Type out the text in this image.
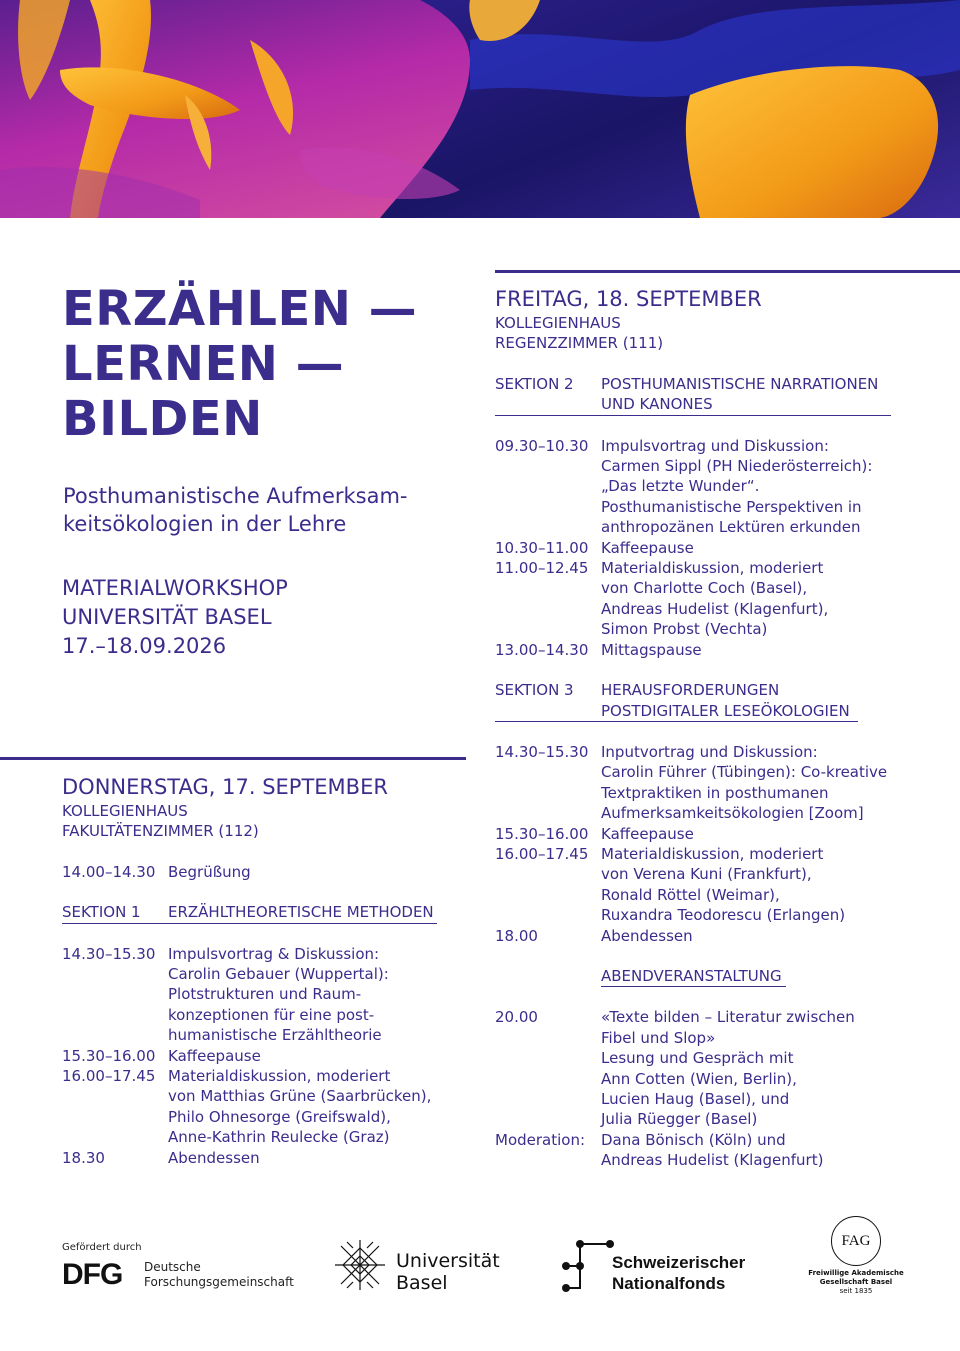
ERZÄHLEN —
LERNEN —
BILDEN

Posthumanistische Aufmerksam-
keitsökologien in der Lehre

MATERIALWORKSHOP
UNIVERSITÄT BASEL
17.–18.09.2026

DONNERSTAG, 17. SEPTEMBER
KOLLEGIENHAUS
FAKULTÄTENZIMMER (112)
14.00–14.30 Begrüßung
SEKTION 1	ERZÄHLTHEORETISCHE METHODEN
14.30–15.30 Impulsvortrag & Diskussion:
Carolin Gebauer (Wuppertal):
Plotstrukturen und Raum-
konzeptionen für eine post-
humanistische Erzähltheorie
15.30–16.00 Kaffeepause
16.00–17.45 Materialdiskussion, moderiert
von Matthias Grüne (Saarbrücken),
Philo Ohnesorge (Greifswald),
Anne-Kathrin Reulecke (Graz)
18.30	Abendessen
FREITAG, 18. SEPTEMBER
KOLLEGIENHAUS
REGENZZIMMER (111)
SEKTION 2	POSTHUMANISTISCHE NARRATIONEN
UND KANONES
09.30–10.30 Impulsvortrag und Diskussion:
Carmen Sippl (PH Niederösterreich):
„Das letzte Wunder“.
Posthumanistische Perspektiven in
anthropozänen Lektüren erkunden
10.30–11.00 Kaffeepause
11.00–12.45 Materialdiskussion, moderiert
von Charlotte Coch (Basel),
Andreas Hudelist (Klagenfurt),
Simon Probst (Vechta)
13.00–14.30 Mittagspause
SEKTION 3	HERAUSFORDERUNGEN
POSTDIGITALER LESEÖKOLOGIEN
14.30–15.30 Inputvortrag und Diskussion:
Carolin Führer (Tübingen): Co-kreative
Textpraktiken in posthumanen
Aufmerksamkeitsökologien [Zoom]
15.30–16.00 Kaffeepause
16.00–17.45 Materialdiskussion, moderiert
von Verena Kuni (Frankfurt),
Ronald Röttel (Weimar),
Ruxandra Teodorescu (Erlangen)
18.00	Abendessen
ABENDVERANSTALTUNG
20.00	«Texte bilden – Literatur zwischen
Fibel und Slop»
Lesung und Gespräch mit
Ann Cotten (Wien, Berlin),
Lucien Haug (Basel), und
Julia Rüegger (Basel)
Moderation:	Dana Bönisch (Köln) und
Andreas Hudelist (Klagenfurt)
Gefördert durch
DFG Deutsche
Forschungsgemeinschaft
Universität
Basel
Schweizerischer
Nationalfonds
FAG
Freiwillige Akademische
Gesellschaft Basel
seit 1835
